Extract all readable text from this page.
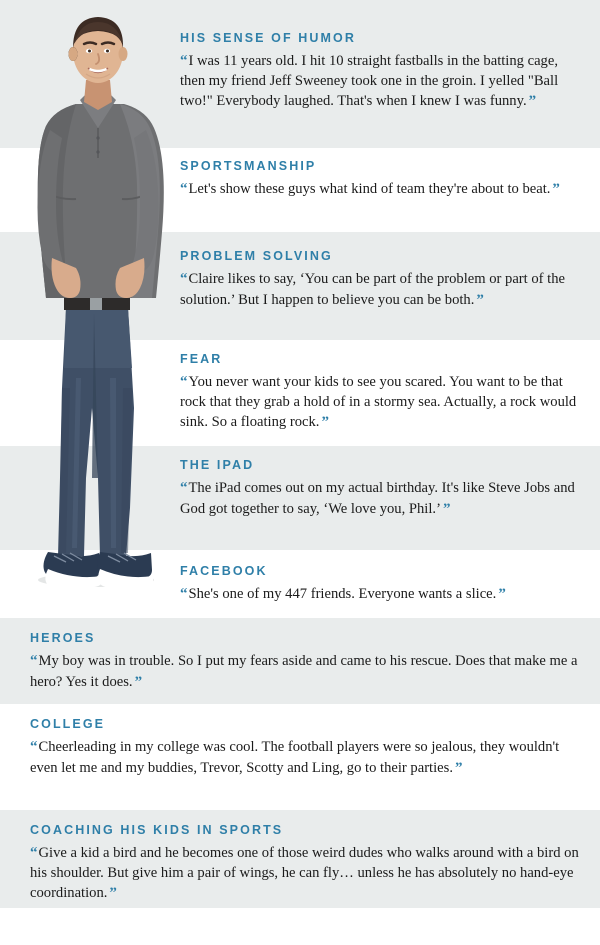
HIS SENSE OF HUMOR

“I was 11 years old. I hit 10 straight fastballs in the batting cage, then my friend Jeff Sweeney took one in the groin. I yelled "Ball two!" Everybody laughed. That's when I knew I was funny. ”

SPORTSMANSHIP

“Let's show these guys what kind of team they're about to beat. ”

PROBLEM SOLVING

“Claire likes to say, ‘You can be part of the problem or part of the solution.’ But I happen to believe you can be both. ”

FEAR

“You never want your kids to see you scared. You want to be that rock that they grab a hold of in a stormy sea. Actually, a rock would sink. So a floating rock. ”

THE IPAD

“The iPad comes out on my actual birthday. It's like Steve Jobs and God got together to say, ‘We love you, Phil.’ ”

FACEBOOK

“She's one of my 447 friends. Everyone wants a slice. ”

HEROES

“My boy was in trouble. So I put my fears aside and came to his rescue. Does that make me a hero? Yes it does. ”

COLLEGE

“Cheerleading in my college was cool. The football players were so jealous, they wouldn't even let me and my buddies, Trevor, Scotty and Ling, go to their parties. ”

COACHING HIS KIDS IN SPORTS

“Give a kid a bird and he becomes one of those weird dudes who walks around with a bird on his shoulder. But give him a pair of wings, he can fly… unless he has absolutely no hand-eye coordination. ”
